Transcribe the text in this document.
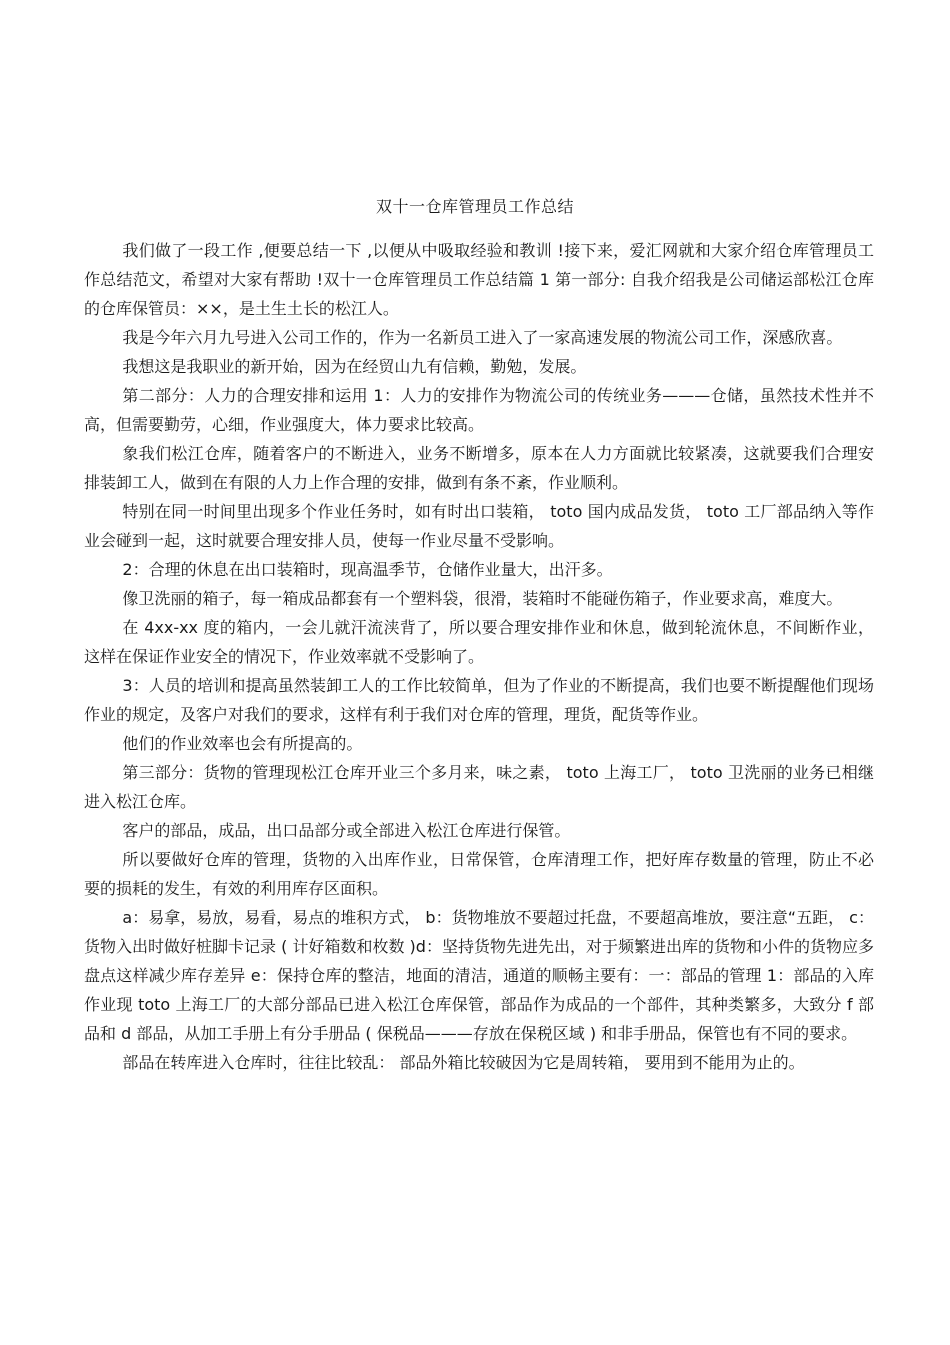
双十一仓库管理员工作总结

我们做了一段工作 ,便要总结一下 ,以便从中吸取经验和教训 !接下来，爱汇网就和大家介绍仓库管理员工作总结范文，希望对大家有帮助 !双十一仓库管理员工作总结篇 1 第一部分: 自我介绍我是公司储运部松江仓库的仓库保管员：××，是土生土长的松江人。

我是今年六月九号进入公司工作的，作为一名新员工进入了一家高速发展的物流公司工作，深感欣喜。

我想这是我职业的新开始，因为在经贸山九有信赖，勤勉，发展。

第二部分：人力的合理安排和运用 1：人力的安排作为物流公司的传统业务———仓储，虽然技术性并不高，但需要勤劳，心细，作业强度大，体力要求比较高。

象我们松江仓库，随着客户的不断进入，业务不断增多，原本在人力方面就比较紧凑，这就要我们合理安排装卸工人，做到在有限的人力上作合理的安排，做到有条不紊，作业顺利。

特别在同一时间里出现多个作业任务时，如有时出口装箱， toto 国内成品发货， toto 工厂部品纳入等作业会碰到一起，这时就要合理安排人员，使每一作业尽量不受影响。

2：合理的休息在出口装箱时，现高温季节，仓储作业量大，出汗多。

像卫洗丽的箱子，每一箱成品都套有一个塑料袋，很滑，装箱时不能碰伤箱子，作业要求高，难度大。

在 4xx-xx 度的箱内，一会儿就汗流浃背了，所以要合理安排作业和休息，做到轮流休息，不间断作业，这样在保证作业安全的情况下，作业效率就不受影响了。

3：人员的培训和提高虽然装卸工人的工作比较简单，但为了作业的不断提高，我们也要不断提醒他们现场作业的规定，及客户对我们的要求，这样有利于我们对仓库的管理，理货，配货等作业。

他们的作业效率也会有所提高的。

第三部分：货物的管理现松江仓库开业三个多月来，味之素， toto 上海工厂， toto 卫洗丽的业务已相继进入松江仓库。

客户的部品，成品，出口品部分或全部进入松江仓库进行保管。

所以要做好仓库的管理，货物的入出库作业，日常保管，仓库清理工作，把好库存数量的管理，防止不必要的损耗的发生，有效的利用库存区面积。

a：易拿，易放，易看，易点的堆积方式， b：货物堆放不要超过托盘，不要超高堆放，要注意“五距， c：货物入出时做好桩脚卡记录 ( 计好箱数和枚数 )d：坚持货物先进先出，对于频繁进出库的货物和小件的货物应多盘点这样减少库存差异 e：保持仓库的整洁，地面的清洁，通道的顺畅主要有：一：部品的管理 1：部品的入库作业现 toto 上海工厂的大部分部品已进入松江仓库保管，部品作为成品的一个部件，其种类繁多，大致分 f 部品和 d 部品，从加工手册上有分手册品 ( 保税品———存放在保税区域 ) 和非手册品，保管也有不同的要求。

部品在转库进入仓库时，往往比较乱： 部品外箱比较破因为它是周转箱， 要用到不能用为止的。
